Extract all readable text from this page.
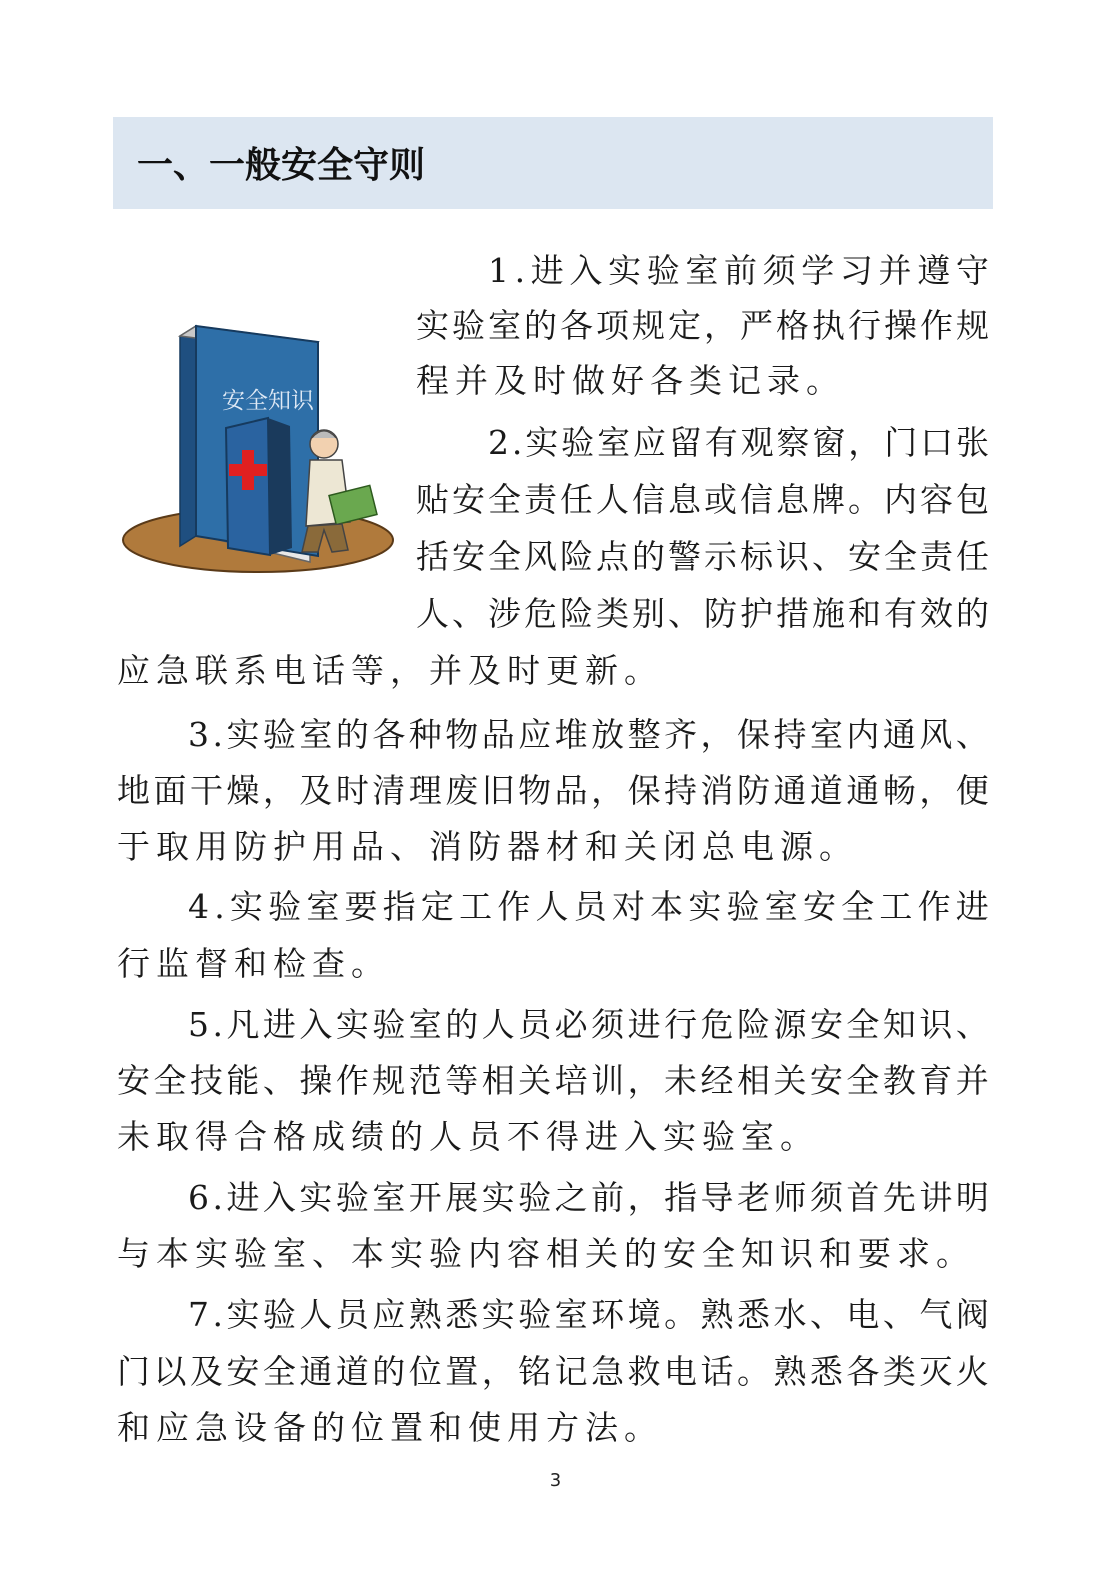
一、一般安全守则
安全知识
1 . 进 入 实 验 室 前 须 学 习 并 遵 守
实 验 室 的 各 项 规 定 ， 严 格 执 行 操 作 规
程并及时做好各类记录。
2 . 实 验 室 应 留 有 观 察 窗 ， 门 口 张
贴 安 全 责 任 人 信 息 或 信 息 牌 。 内 容 包
括 安 全 风 险 点 的 警 示 标 识 、 安 全 责 任
人 、 涉 危 险 类 别 、 防 护 措 施 和 有 效 的
应急联系电话等，并及时更新。
3 . 实 验 室 的 各 种 物 品 应 堆 放 整 齐 ， 保 持 室 内 通 风 、
地 面 干 燥 ， 及 时 清 理 废 旧 物 品 ， 保 持 消 防 通 道 通 畅 ， 便
于取用防护用品、消防器材和关闭总电源。
4 . 实 验 室 要 指 定 工 作 人 员 对 本 实 验 室 安 全 工 作 进
行监督和检查。
5 . 凡 进 入 实 验 室 的 人 员 必 须 进 行 危 险 源 安 全 知 识 、
安 全 技 能 、 操 作 规 范 等 相 关 培 训 ， 未 经 相 关 安 全 教 育 并
未取得合格成绩的人员不得进入实验室。
6 . 进 入 实 验 室 开 展 实 验 之 前 ， 指 导 老 师 须 首 先 讲 明
与本实验室、本实验内容相关的安全知识和要求。
7 . 实 验 人 员 应 熟 悉 实 验 室 环 境 。 熟 悉 水 、 电 、 气 阀
门 以 及 安 全 通 道 的 位 置 ， 铭 记 急 救 电 话 。 熟 悉 各 类 灭 火
和应急设备的位置和使用方法。
3
